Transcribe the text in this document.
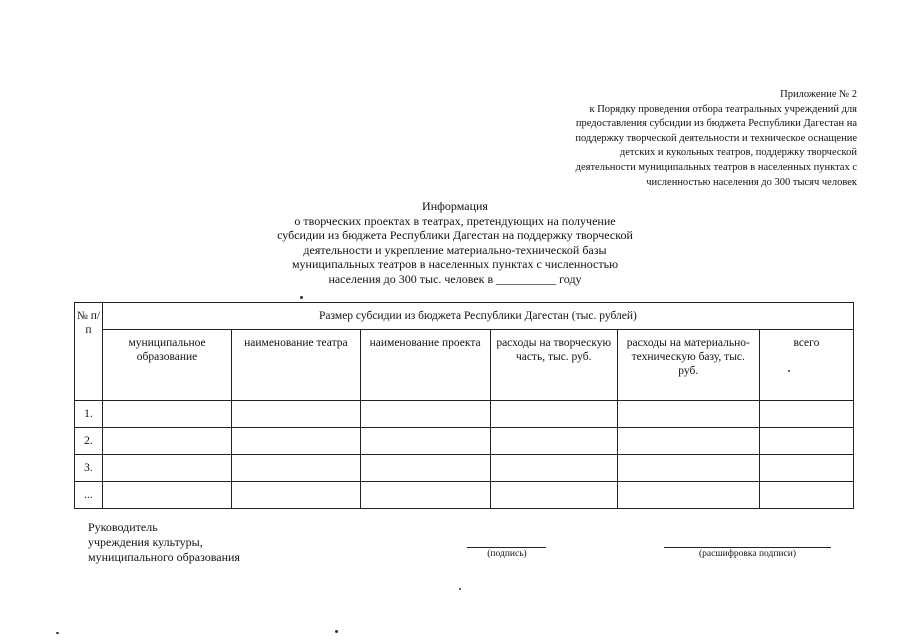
Приложение № 2
к Порядку проведения отбора театральных учреждений для
предоставления субсидии из бюджета Республики Дагестан на
поддержку творческой деятельности и техническое оснащение
детских и кукольных театров, поддержку творческой
деятельности муниципальных театров в населенных пунктах с
численностью населения до 300 тысяч человек
Информация
о творческих проектах в театрах, претендующих на получение
субсидии из бюджета Республики Дагестан на поддержку творческой
деятельности и укрепление материально-технической базы
муниципальных театров в населенных пунктах с численностью
населения до 300 тыс. человек в __________ году
№ п/п	Размер субсидии из бюджета Республики Дагестан (тыс. рублей)					
	муниципальное образование	наименование театра	наименование проекта	расходы на творческую часть, тыс. руб.	расходы на материально-техническую базу, тыс. руб.	всего
1.						
2.						
3.						
...						
Руководитель
учреждения культуры,
муниципального образования	(подпись)	(расшифровка подписи)
